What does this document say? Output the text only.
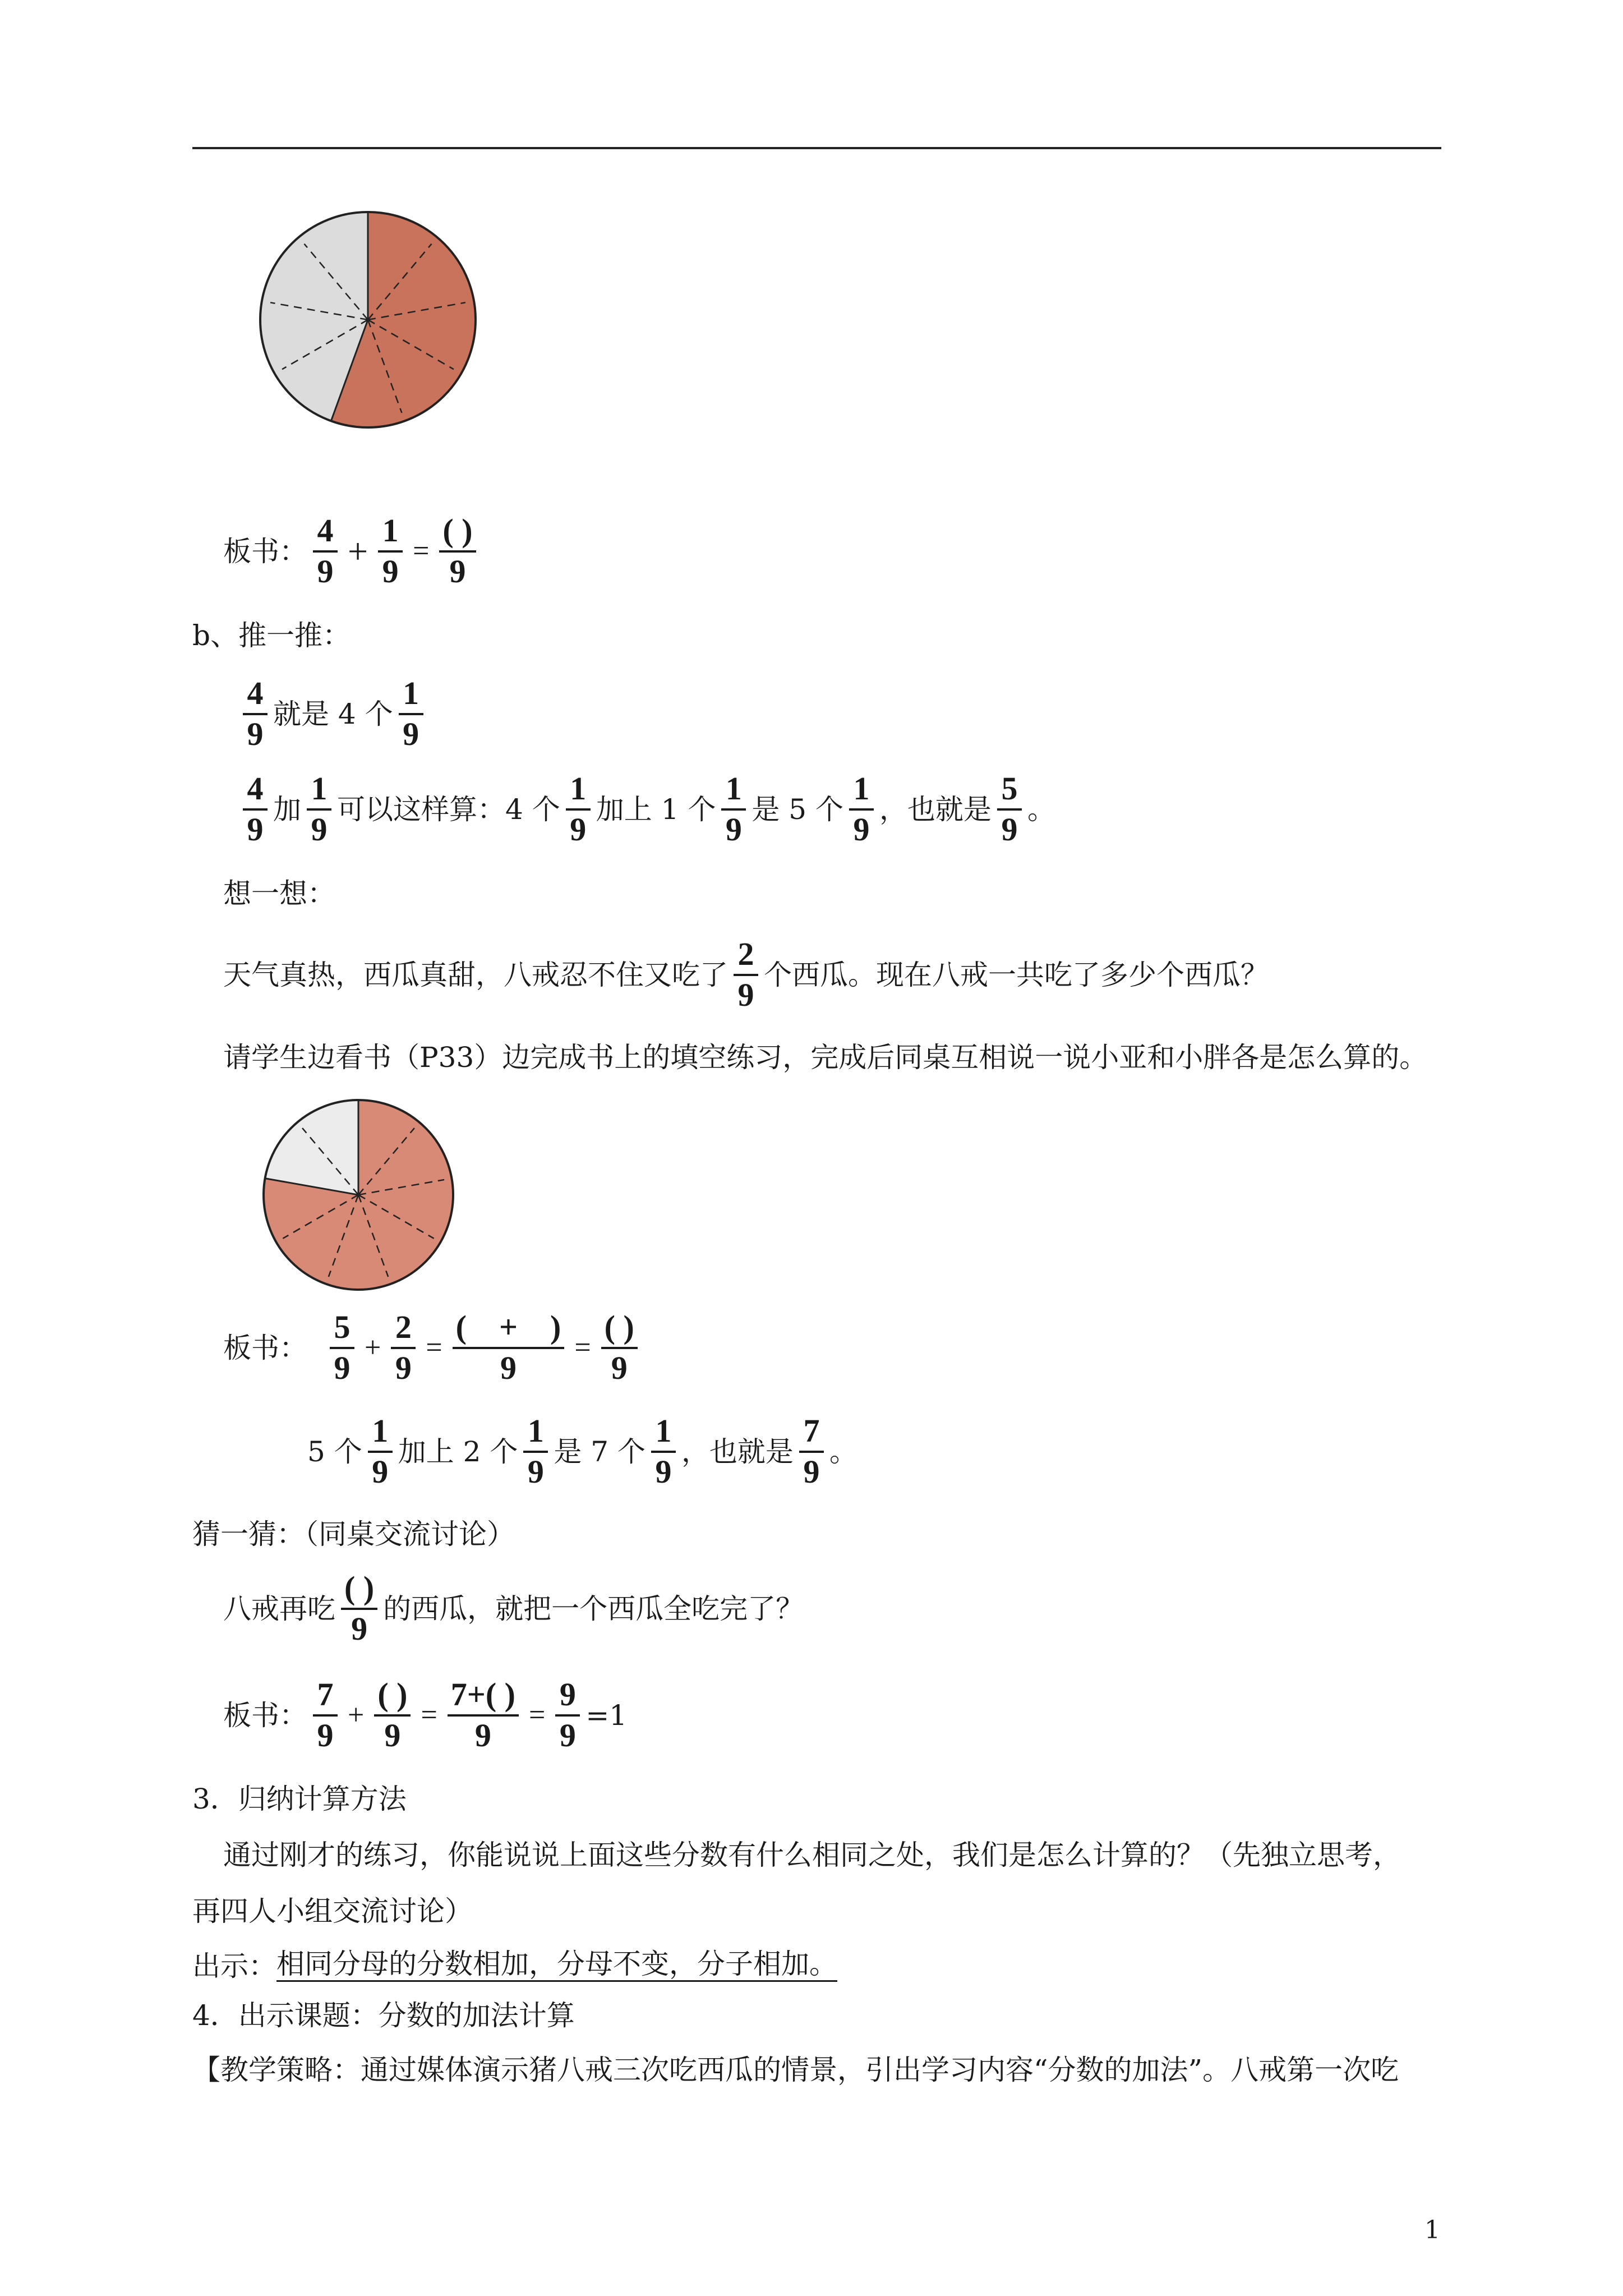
板书： $\frac{4}{9} + \frac{1}{9} = \frac{( )}{9}$
b、推一推：
$\frac{4}{9}$ 就是 4 个 $\frac{1}{9}$
$\frac{4}{9}$ 加 $\frac{1}{9}$ 可以这样算：4 个 $\frac{1}{9}$ 加上 1 个 $\frac{1}{9}$ 是 5 个 $\frac{1}{9}$ ，也就是 $\frac{5}{9}$ 。
想一想：
天气真热，西瓜真甜，八戒忍不住又吃了 $\frac{2}{9}$ 个西瓜。现在八戒一共吃了多少个西瓜？
请学生边看书（P33）边完成书上的填空练习，完成后同桌互相说一说小亚和小胖各是怎么算的。
板书： $\frac{5}{9} + \frac{2}{9} = \frac{( + )}{9} = \frac{( )}{9}$
5 个 $\frac{1}{9}$ 加上 2 个 $\frac{1}{9}$ 是 7 个 $\frac{1}{9}$ ，也就是 $\frac{7}{9}$ 。
猜一猜：（同桌交流讨论）
八戒再吃 $\frac{( )}{9}$ 的西瓜，就把一个西瓜全吃完了？
板书： $\frac{7}{9} + \frac{( )}{9} = \frac{7+( )}{9} = \frac{9}{9} =1$
3．归纳计算方法
通过刚才的练习，你能说说上面这些分数有什么相同之处，我们是怎么计算的？（先独立思考，
再四人小组交流讨论）
出示： 相同分母的分数相加，分母不变，分子相加。
4．出示课题：分数的加法计算
【教学策略：通过媒体演示猪八戒三次吃西瓜的情景，引出学习内容“分数的加法”。八戒第一次吃
1
